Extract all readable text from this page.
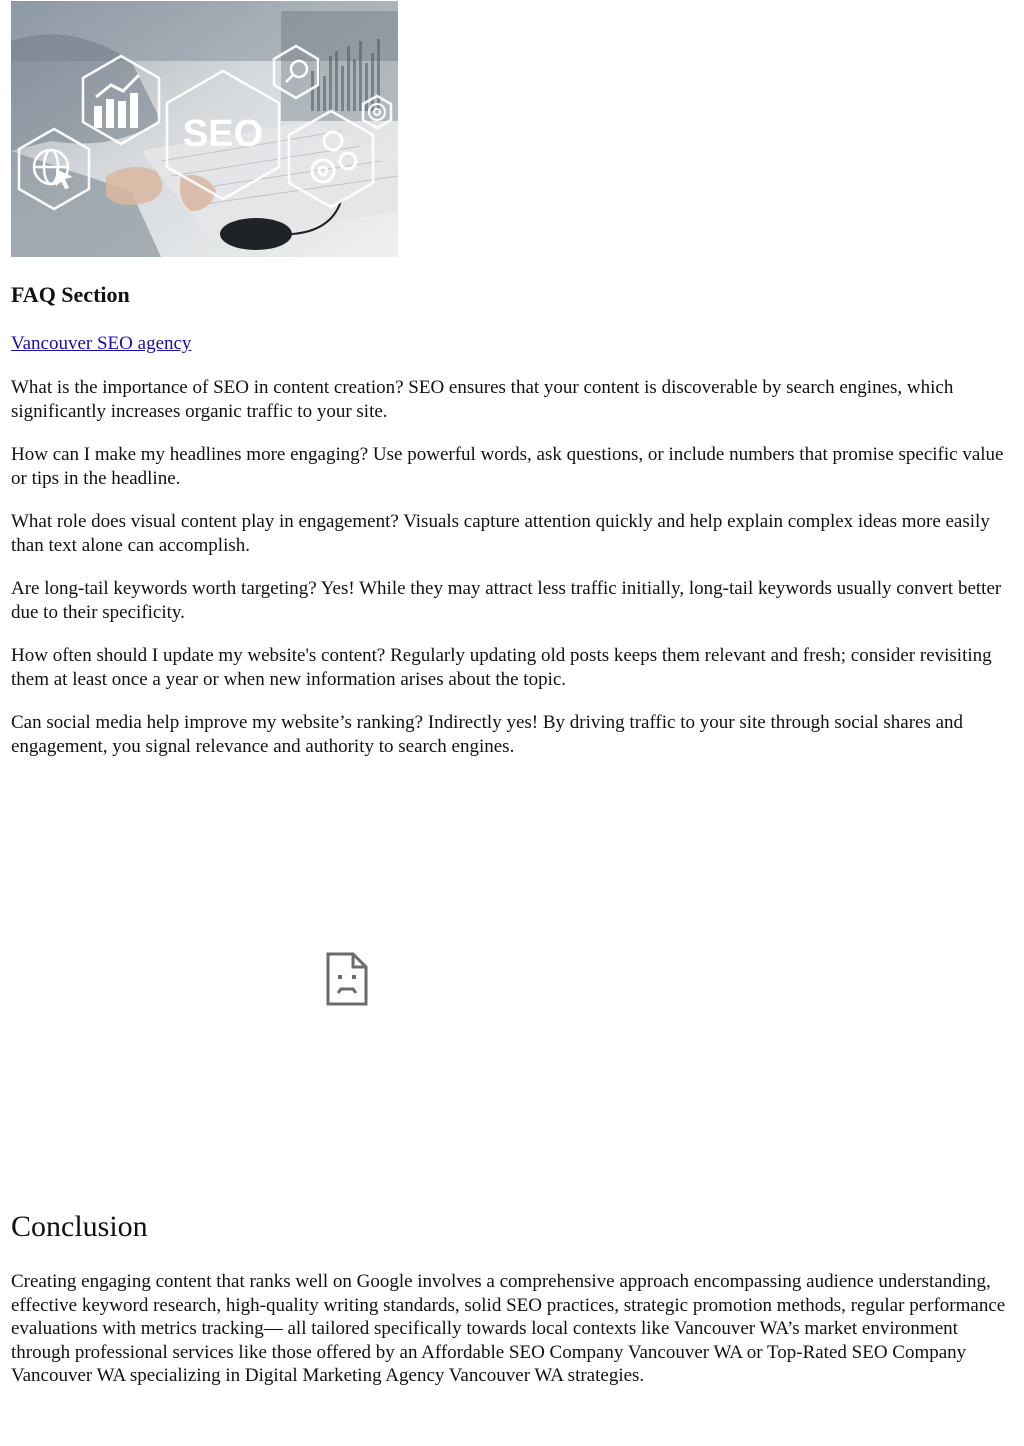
SEO
FAQ Section
Vancouver SEO agency

What is the importance of SEO in content creation? SEO ensures that your content is discoverable by search engines, which significantly increases organic traffic to your site.

How can I make my headlines more engaging? Use powerful words, ask questions, or include numbers that promise specific value or tips in the headline.

What role does visual content play in engagement? Visuals capture attention quickly and help explain complex ideas more easily than text alone can accomplish.

Are long-tail keywords worth targeting? Yes! While they may attract less traffic initially, long-tail keywords usually convert better due to their specificity.

How often should I update my website's content? Regularly updating old posts keeps them relevant and fresh; consider revisiting them at least once a year or when new information arises about the topic.

Can social media help improve my website’s ranking? Indirectly yes! By driving traffic to your site through social shares and engagement, you signal relevance and authority to search engines.

Conclusion

Creating engaging content that ranks well on Google involves a comprehensive approach encompassing audience understanding, effective keyword research, high-quality writing standards, solid SEO practices, strategic promotion methods, regular performance evaluations with metrics tracking— all tailored specifically towards local contexts like Vancouver WA’s market environment through professional services like those offered by an Affordable SEO Company Vancouver WA or Top-Rated SEO Company Vancouver WA specializing in Digital Marketing Agency Vancouver WA strategies.
